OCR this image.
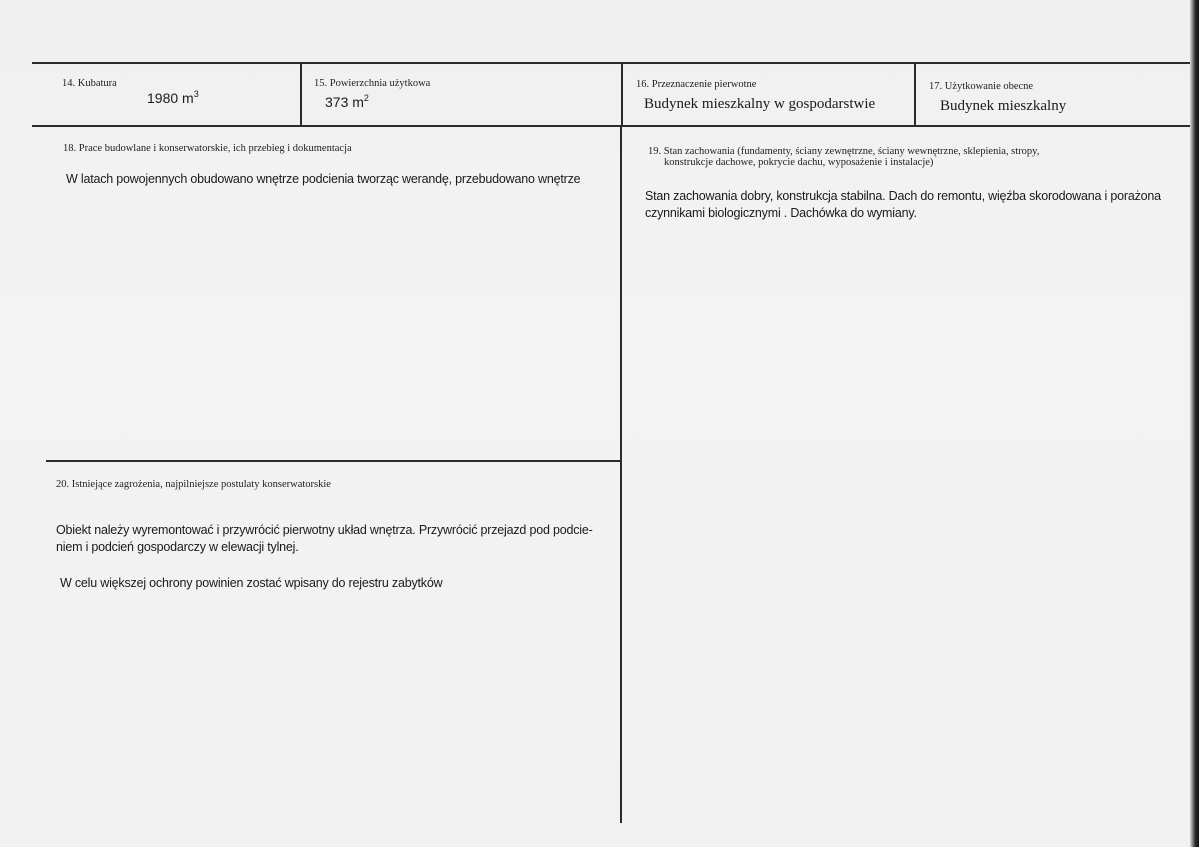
14. Kubatura
1980 $m^3$
15. Powierzchnia użytkowa
373 $m^2$
16. Przeznaczenie pierwotne
Budynek mieszkalny w gospodarstwie
17. Użytkowanie obecne
Budynek mieszkalny
18. Prace budowlane i konserwatorskie, ich przebieg i dokumentacja
W latach powojennych obudowano wnętrze podcienia tworząc werandę, przebudowano wnętrze
19. Stan zachowania (fundamenty, ściany zewnętrzne, ściany wewnętrzne, sklepienia, stropy,
konstrukcje dachowe, pokrycie dachu, wyposażenie i instalacje)
Stan zachowania dobry, konstrukcja stabilna. Dach do remontu, więźba skorodowana i porażona
czynnikami biologicznymi . Dachówka do wymiany.
20. Istniejące zagrożenia, najpilniejsze postulaty konserwatorskie
Obiekt należy wyremontować i przywrócić pierwotny układ wnętrza. Przywrócić przejazd pod podcie-
niem i podcień gospodarczy w elewacji tylnej.
W celu większej ochrony powinien zostać wpisany do rejestru zabytków
